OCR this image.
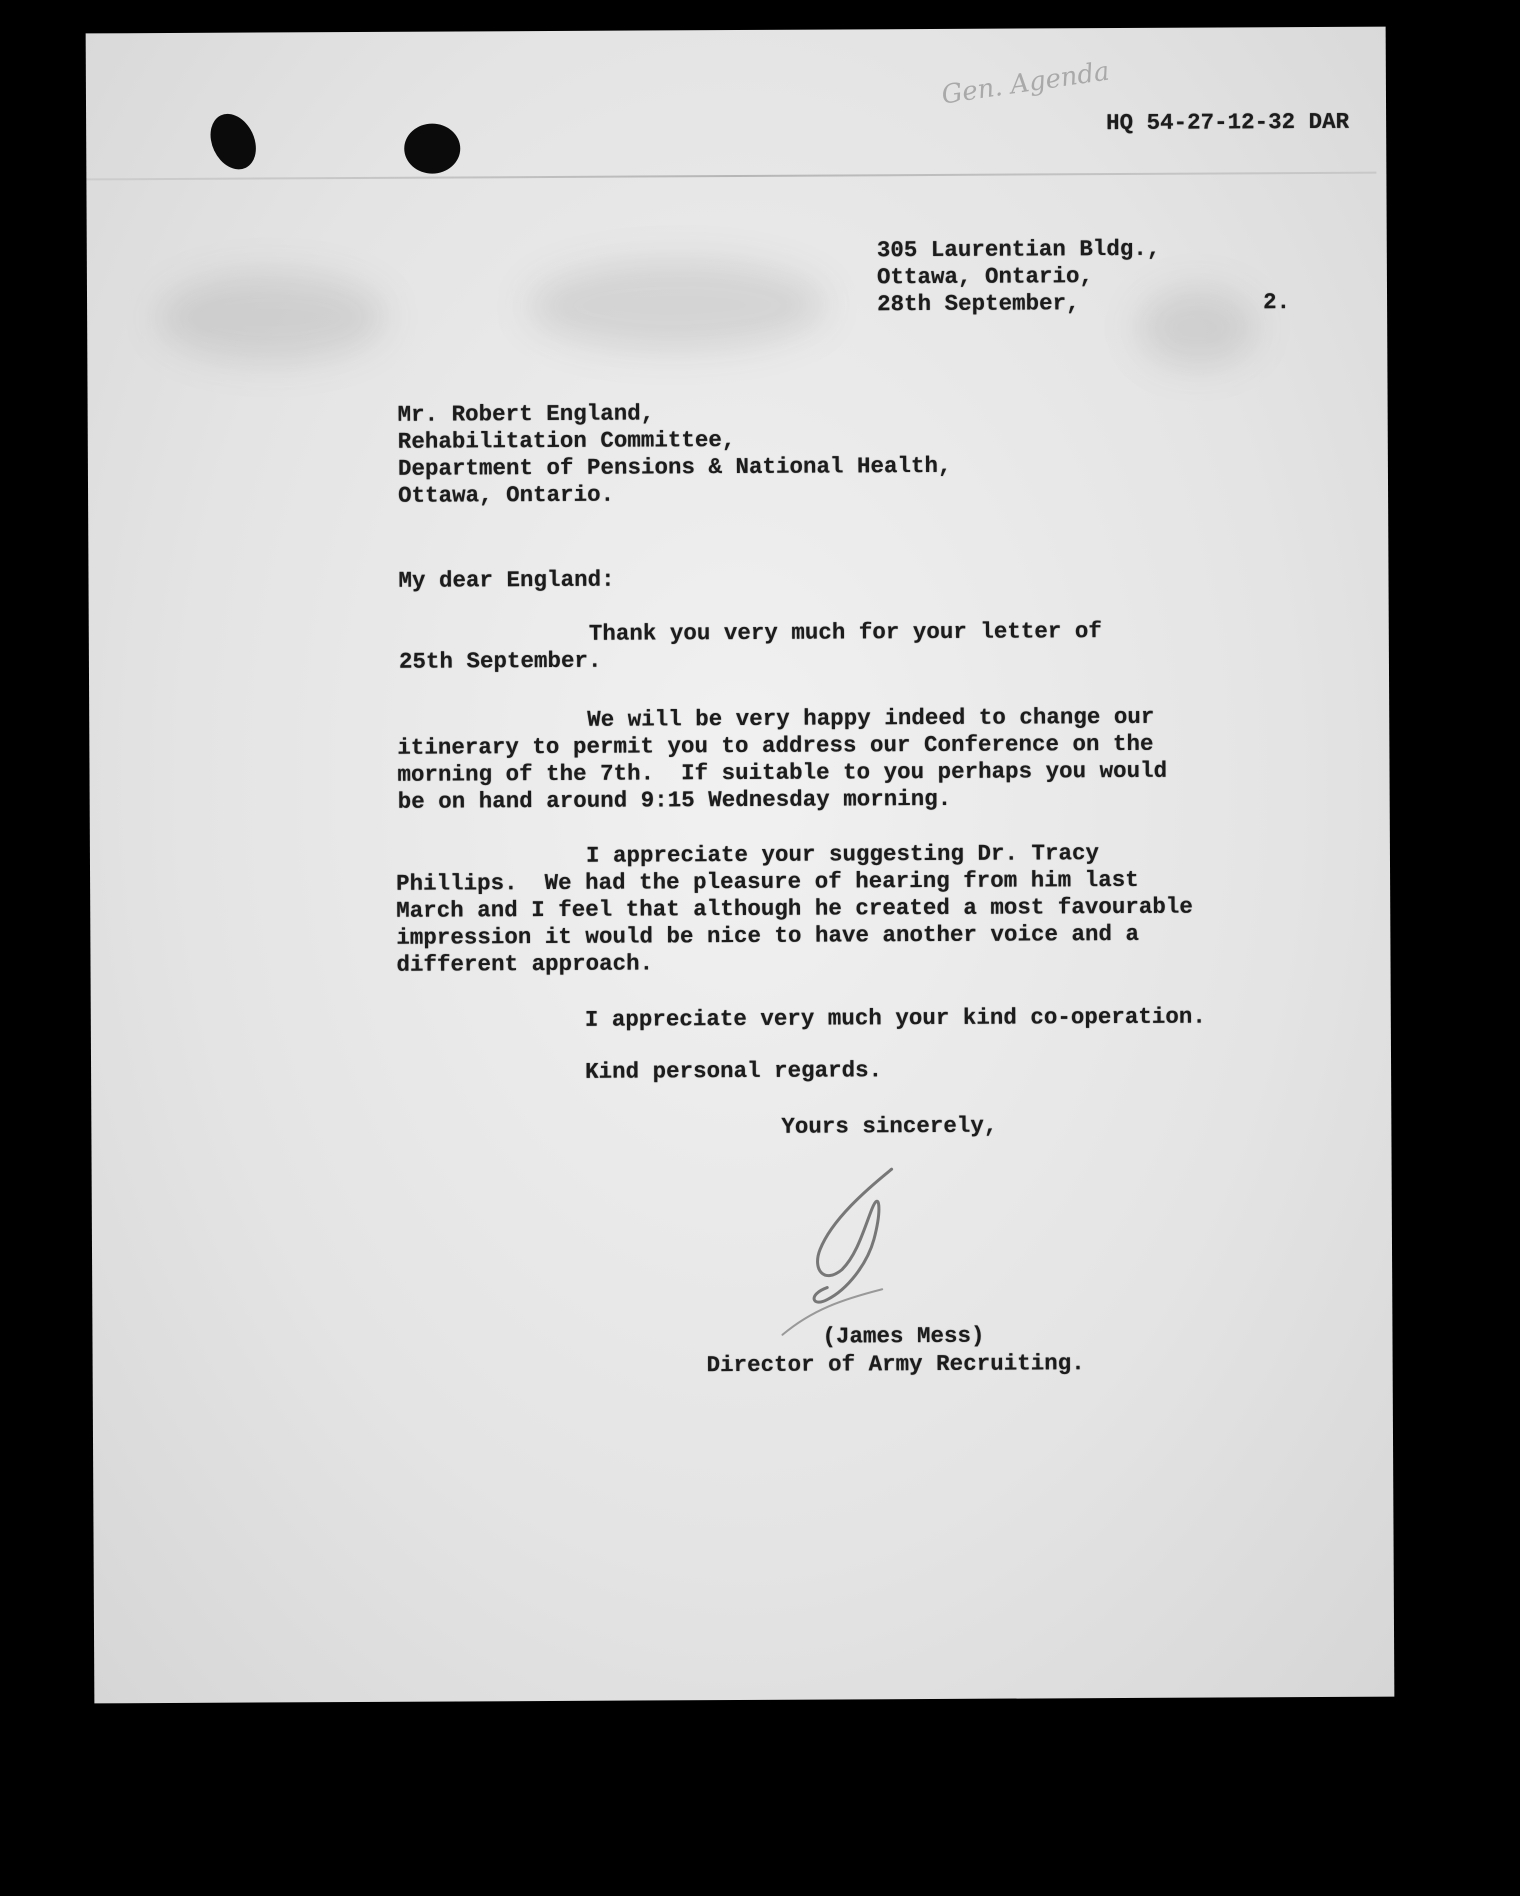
Gen. Agenda

HQ 54-27-12-32 DAR

305 Laurentian Bldg.,

Ottawa, Ontario,

28th September,	2.

Mr. Robert England,

Rehabilitation Committee,

Department of Pensions & National Health,

Ottawa, Ontario.

My dear England:

Thank you very much for your letter of

25th September.

We will be very happy indeed to change our

itinerary to permit you to address our Conference on the

morning of the 7th.  If suitable to you perhaps you would

be on hand around 9:15 Wednesday morning.

I appreciate your suggesting Dr. Tracy

Phillips.  We had the pleasure of hearing from him last

March and I feel that although he created a most favourable

impression it would be nice to have another voice and a

different approach.

I appreciate very much your kind co-operation.

Kind personal regards.

Yours sincerely,

(James Mess)

Director of Army Recruiting.
